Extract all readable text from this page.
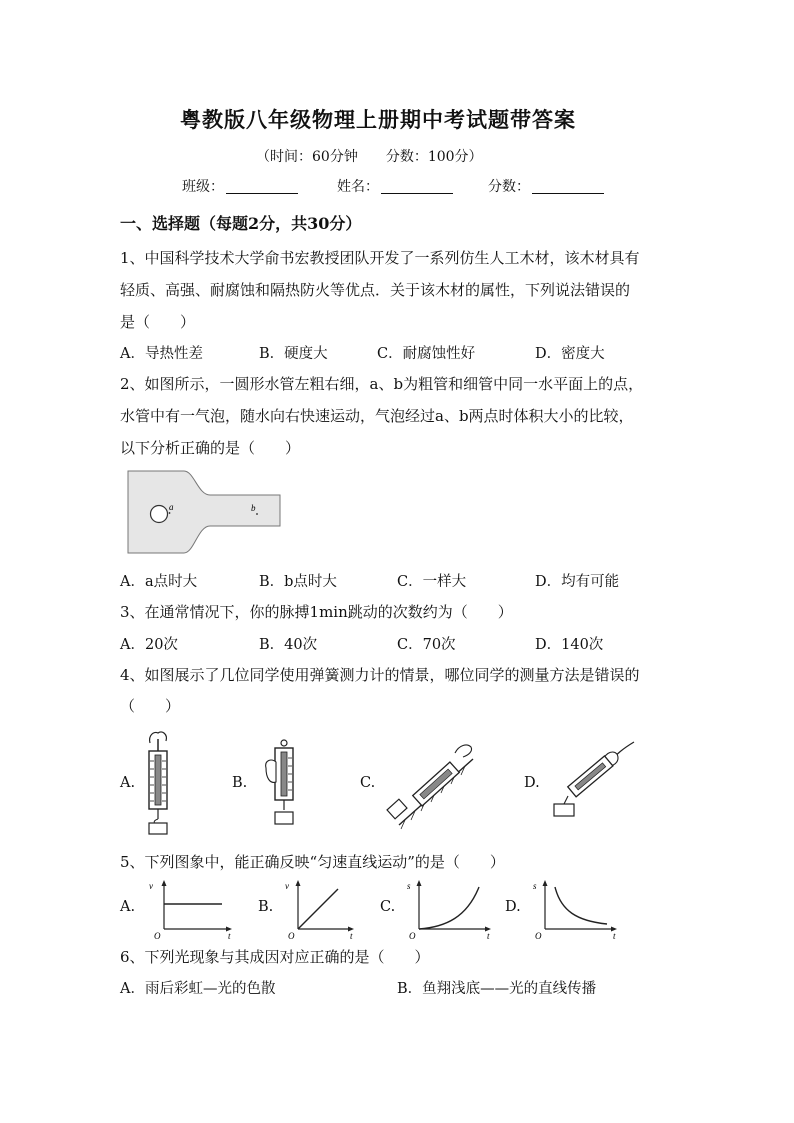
粤教版八年级物理上册期中考试题带答案
（时间：60分钟　　分数：100分）
班级：	姓名：	分数：
一、选择题（每题2分，共30分）
1、中国科学技术大学俞书宏教授团队开发了一系列仿生人工木材，该木材具有
轻质、高强、耐腐蚀和隔热防火等优点．关于该木材的属性，下列说法错误的
是（　　）
A．导热性差	B．硬度大	C．耐腐蚀性好	D．密度大
2、如图所示，一圆形水管左粗右细，a、b为粗管和细管中同一水平面上的点，
水管中有一气泡，随水向右快速运动，气泡经过a、b两点时体积大小的比较，
以下分析正确的是（　　）
a	b
A．a点时大	B．b点时大	C．一样大	D．均有可能
3、在通常情况下，你的脉搏1min跳动的次数约为（　　）
A．20次	B．40次	C．70次	D．140次
4、如图展示了几位同学使用弹簧测力计的情景，哪位同学的测量方法是错误的
（　　）
A.	B.	C.	D.
5、下列图象中，能正确反映“匀速直线运动”的是（　　）
A.
v
t
O
B.
v
t
O
C.
s
t
O
D.
s
t
O
6、下列光现象与其成因对应正确的是（　　）
A．雨后彩虹—光的色散	B．鱼翔浅底——光的直线传播
